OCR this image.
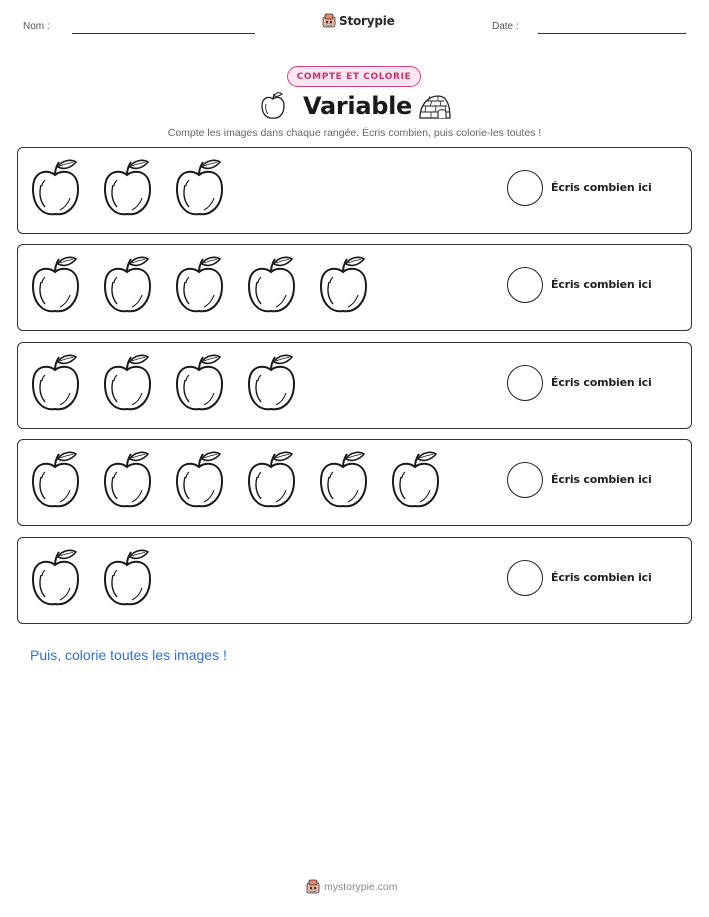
Nom :	Storypie	Date :
COMPTE ET COLORIE
Variable
Compte les images dans chaque rangée. Écris combien, puis colorie-les toutes !
Écris combien ici
Écris combien ici
Écris combien ici
Écris combien ici
Écris combien ici
Puis, colorie toutes les images !
mystorypie.com
